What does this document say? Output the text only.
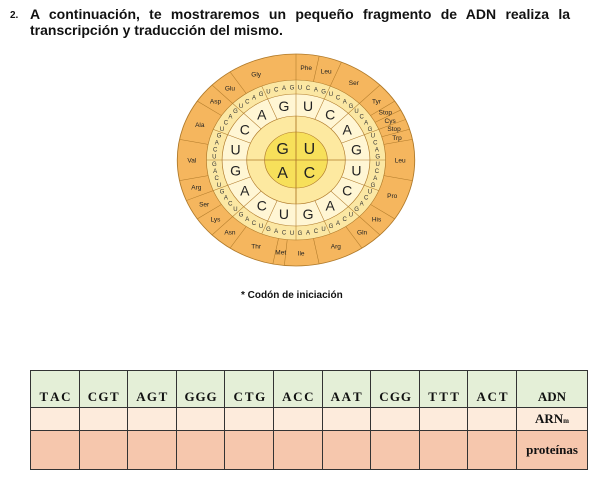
2. A continuación, te mostraremos un pequeño fragmento de ADN realiza la
transcripción y traducción del mismo.
Phe
Leu
Ser
Tyr
Stop
Cys
Stop
Trp
Leu
Pro
His
Gln
Arg
Ile
Met
Thr
Asn
Lys
Ser
Arg
Val
Ala
Asp
Glu
Gly
U C A G U
C
A
G
U
C
A
G
U
C
A
G
U
C
A
G
U
C
A
G
U
C
A
G
U
C
A
G
U
C
A
G
U
C
A
G
U
C
A
G
U
C
A
G
U
C
A
G
U
C
A
G
U
C
A
G U C A G
U
C
A
G
U
C
A
G
U
C
A
G
U
C
A
G
G U
C
A
* Codón de iniciación
T A C	CG T	AG T	GGG	C T G	A C C	A A T	CGG	T T T	A C T	ADN
										ARNm
										proteínas
